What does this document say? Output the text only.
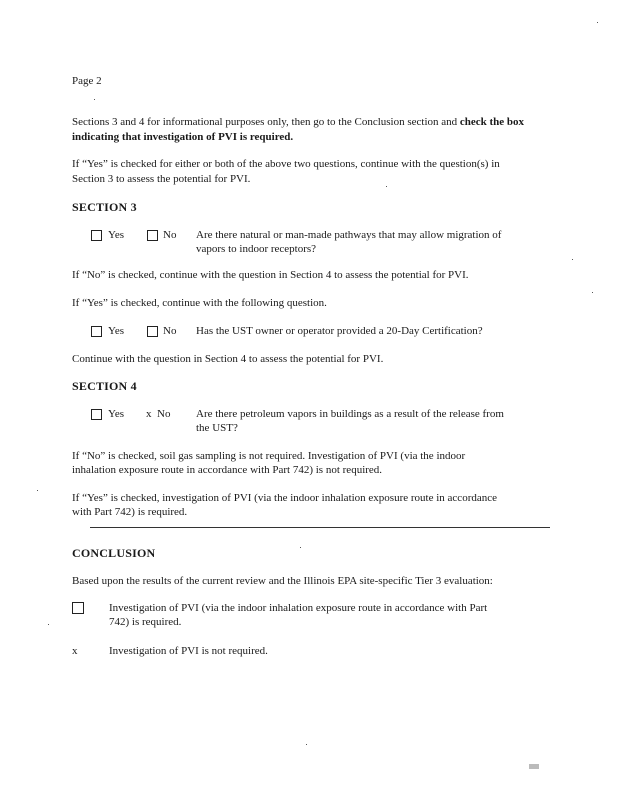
Page 2
Sections 3 and 4 for informational purposes only, then go to the Conclusion section and check the box indicating that investigation of PVI is required.
If “Yes” is checked for either or both of the above two questions, continue with the question(s) in
Section 3 to assess the potential for PVI.
SECTION 3
Yes	No Are there natural or man-made pathways that may allow migration of
vapors to indoor receptors?
If “No” is checked, continue with the question in Section 4 to assess the potential for PVI.
If “Yes” is checked, continue with the following question.
Yes	No Has the UST owner or operator provided a 20-Day Certification?
Continue with the question in Section 4 to assess the potential for PVI.
SECTION 4
Yes x No Are there petroleum vapors in buildings as a result of the release from
the UST?
If “No” is checked, soil gas sampling is not required. Investigation of PVI (via the indoor
inhalation exposure route in accordance with Part 742) is not required.
If “Yes” is checked, investigation of PVI (via the indoor inhalation exposure route in accordance
with Part 742) is required.
CONCLUSION
Based upon the results of the current review and the Illinois EPA site-specific Tier 3 evaluation:
Investigation of PVI (via the indoor inhalation exposure route in accordance with Part
742) is required.
x	Investigation of PVI is not required.
